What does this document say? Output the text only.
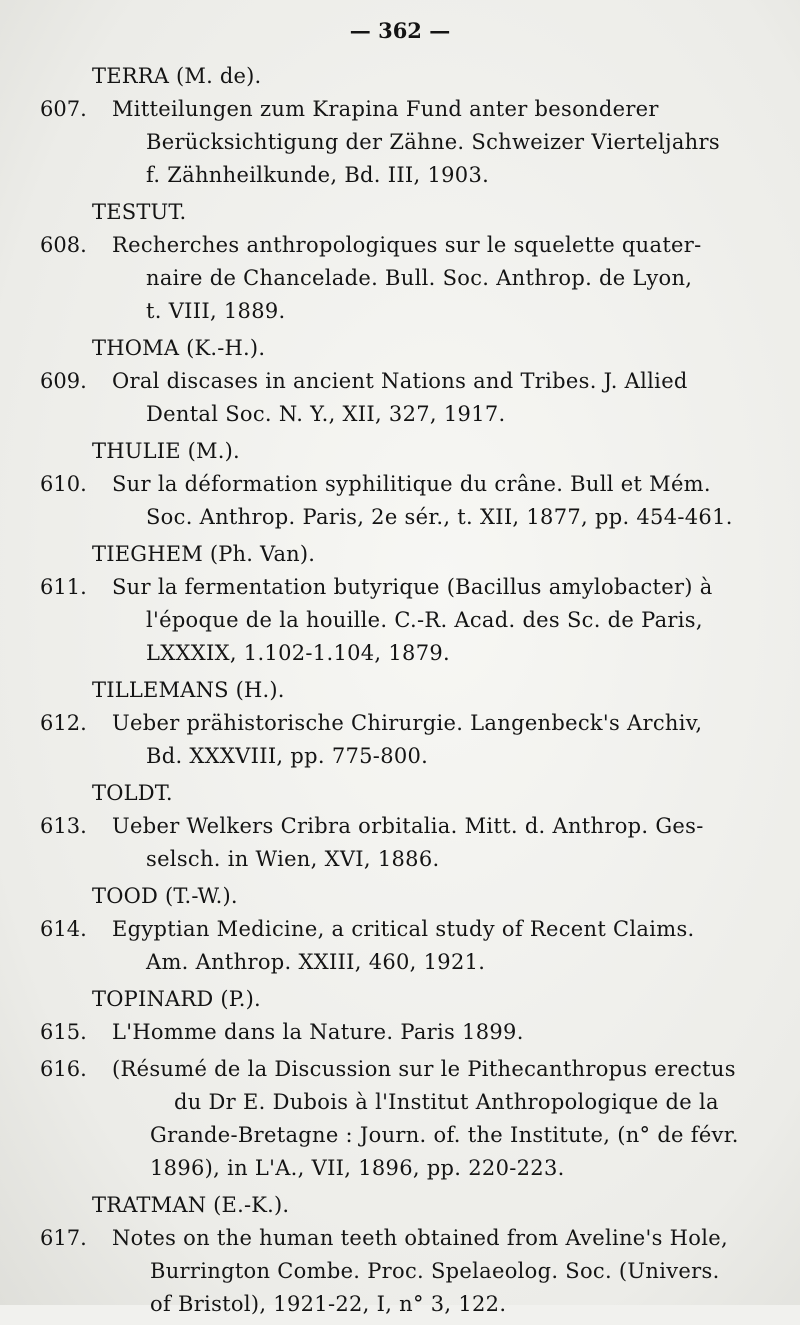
— 362 —
TERRA (M. de).
607.	Mitteilungen zum Krapina Fund anter besonderer
Berücksichtigung der Zähne. Schweizer Vierteljahrs
f. Zähnheilkunde, Bd. III, 1903.
TESTUT.
608.	Recherches anthropologiques sur le squelette quater-
naire de Chancelade. Bull. Soc. Anthrop. de Lyon,
t. VIII, 1889.
THOMA (K.-H.).
609.	Oral discases in ancient Nations and Tribes. J. Allied
Dental Soc. N. Y., XII, 327, 1917.
THULIE (M.).
610.	Sur la déformation syphilitique du crâne. Bull et Mém.
Soc. Anthrop. Paris, 2e sér., t. XII, 1877, pp. 454-461.
TIEGHEM (Ph. Van).
611.	Sur la fermentation butyrique (Bacillus amylobacter) à
l'époque de la houille. C.-R. Acad. des Sc. de Paris,
LXXXIX, 1.102-1.104, 1879.
TILLEMANS (H.).
612.	Ueber prähistorische Chirurgie. Langenbeck's Archiv,
Bd. XXXVIII, pp. 775-800.
TOLDT.
613.	Ueber Welkers Cribra orbitalia. Mitt. d. Anthrop. Ges-
selsch. in Wien, XVI, 1886.
TOOD (T.-W.).
614.	Egyptian Medicine, a critical study of Recent Claims.
Am. Anthrop. XXIII, 460, 1921.
TOPINARD (P.).
615.	L'Homme dans la Nature. Paris 1899.
616.	(Résumé de la Discussion sur le Pithecanthropus erectus
du Dr E. Dubois à l'Institut Anthropologique de la
Grande-Bretagne : Journ. of. the Institute, (n° de févr.
1896), in L'A., VII, 1896, pp. 220-223.
TRATMAN (E.-K.).
617.	Notes on the human teeth obtained from Aveline's Hole,
Burrington Combe. Proc. Spelaeolog. Soc. (Univers.
of Bristol), 1921-22, I, n° 3, 122.
